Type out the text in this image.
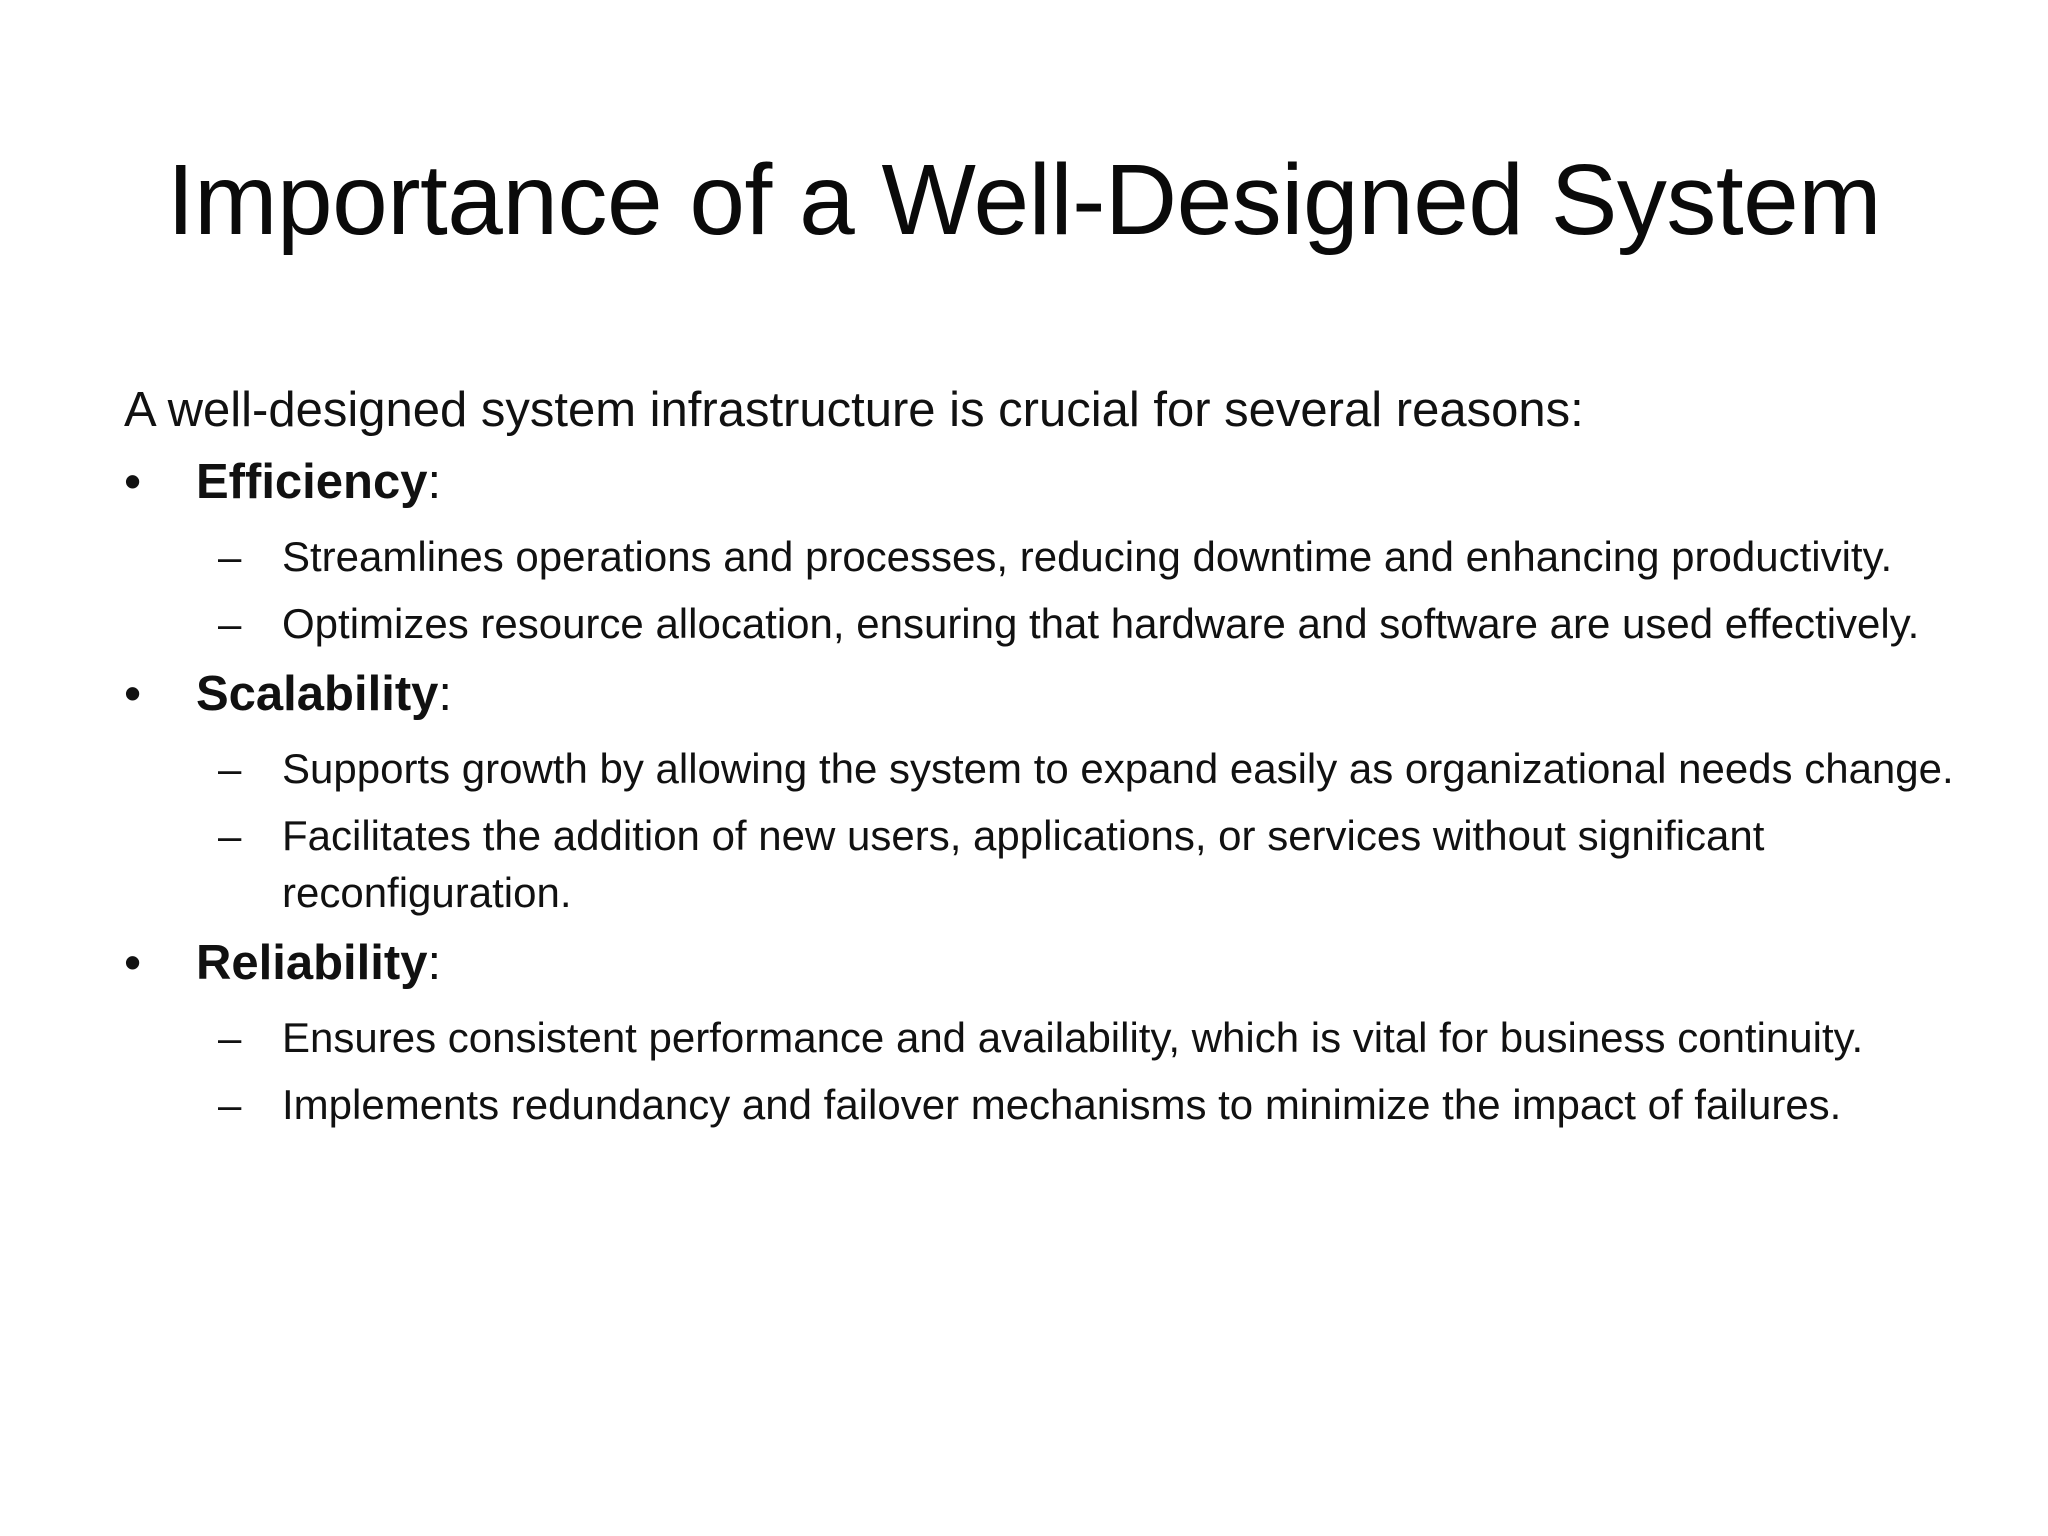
Importance of a Well-Designed System

A well-designed system infrastructure is crucial for several reasons:

•	Efficiency:
– Streamlines operations and processes, reducing downtime and enhancing productivity.
– Optimizes resource allocation, ensuring that hardware and software are used effectively.
•	Scalability:
– Supports growth by allowing the system to expand easily as organizational needs change.
– Facilitates the addition of new users, applications, or services without significant reconfiguration.
•	Reliability:
– Ensures consistent performance and availability, which is vital for business continuity.
– Implements redundancy and failover mechanisms to minimize the impact of failures.
